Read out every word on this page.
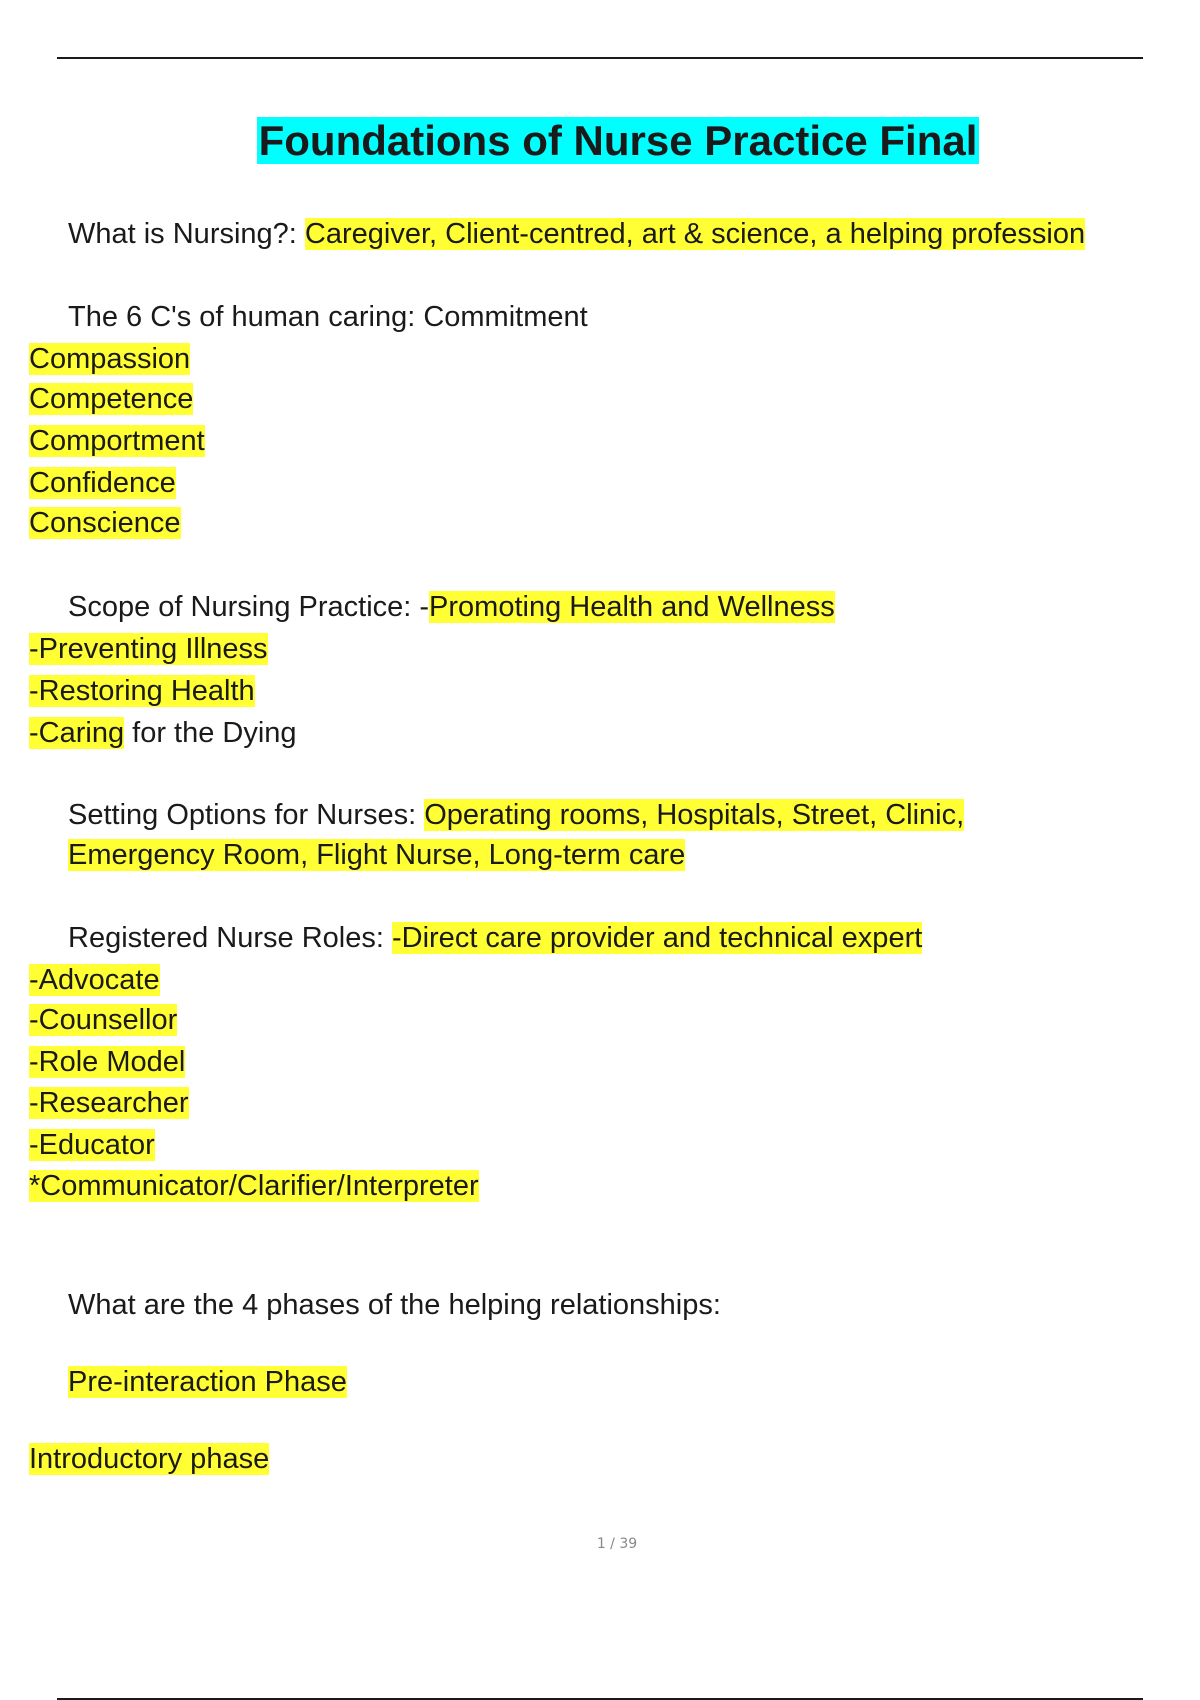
Foundations of Nurse Practice Final
What is Nursing?: Caregiver, Client-centred, art & science, a helping profession
The 6 C's of human caring: Commitment
Compassion
Competence
Comportment
Confidence
Conscience
Scope of Nursing Practice: -Promoting Health and Wellness
-Preventing Illness
-Restoring Health
-Caring for the Dying
Setting Options for Nurses: Operating rooms, Hospitals, Street, Clinic,
Emergency Room, Flight Nurse, Long-term care
Registered Nurse Roles: -Direct care provider and technical expert
-Advocate
-Counsellor
-Role Model
-Researcher
-Educator
*Communicator/Clarifier/Interpreter
What are the 4 phases of the helping relationships:
Pre-interaction Phase
Introductory phase
1 / 39
